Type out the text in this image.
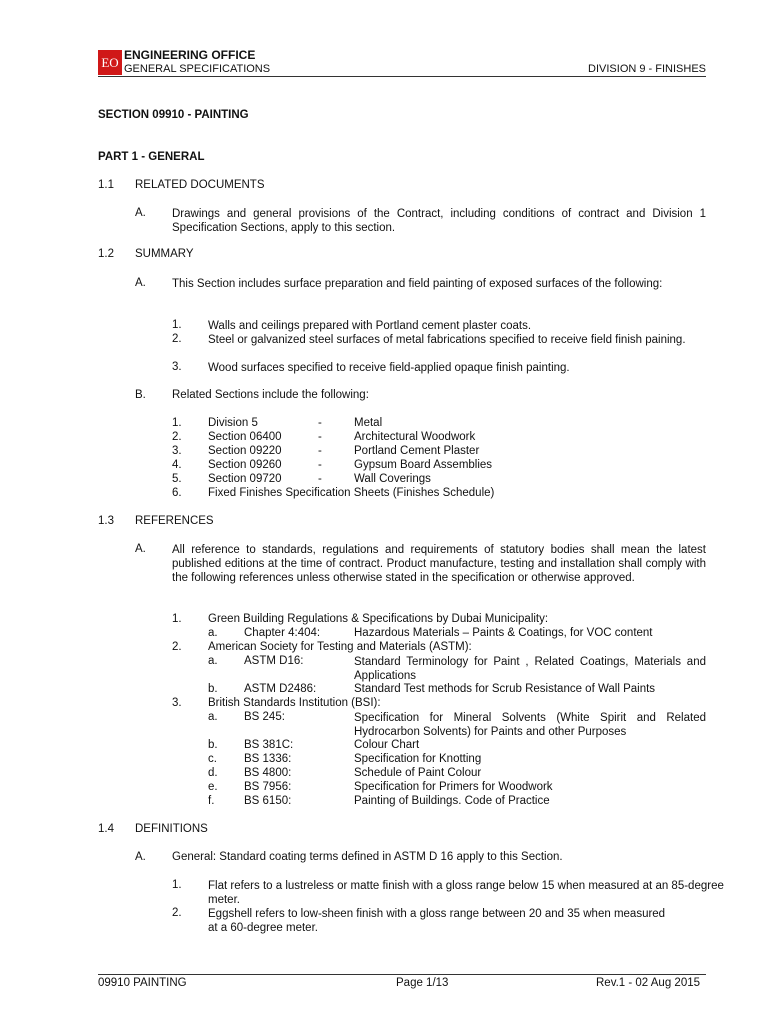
EO ENGINEERING OFFICE
GENERAL SPECIFICATIONS	DIVISION 9 - FINISHES
SECTION 09910 - PAINTING
PART 1 - GENERAL
1.1 RELATED DOCUMENTS
A. Drawings and general provisions of the Contract, including conditions of contract and Division 1 Specification Sections, apply to this section.
1.2 SUMMARY
A. This Section includes surface preparation and field painting of exposed surfaces of the following:
1. Walls and ceilings prepared with Portland cement plaster coats.
2. Steel or galvanized steel surfaces of metal fabrications specified to receive field finish paining.
3. Wood surfaces specified to receive field-applied opaque finish painting.
B. Related Sections include the following:
1. Division 5	-	Metal
2. Section 06400	-	Architectural Woodwork
3. Section 09220	-	Portland Cement Plaster
4. Section 09260	-	Gypsum Board Assemblies
5. Section 09720	-	Wall Coverings
6. Fixed Finishes Specification Sheets (Finishes Schedule)
1.3 REFERENCES
A. All reference to standards, regulations and requirements of statutory bodies shall mean the latest published editions at the time of contract. Product manufacture, testing and installation shall comply with the following references unless otherwise stated in the specification or otherwise approved.
1. Green Building Regulations & Specifications by Dubai Municipality:
a. Chapter 4:404:	Hazardous Materials – Paints & Coatings, for VOC content
2. American Society for Testing and Materials (ASTM):
a. ASTM D16:	Standard Terminology for Paint , Related Coatings, Materials and Applications
b. ASTM D2486:	Standard Test methods for Scrub Resistance of Wall Paints
3. British Standards Institution (BSI):
a. BS 245:	Specification for Mineral Solvents (White Spirit and Related Hydrocarbon Solvents) for Paints and other Purposes
b. BS 381C:	Colour Chart
c. BS 1336:	Specification for Knotting
d. BS 4800:	Schedule of Paint Colour
e. BS 7956:	Specification for Primers for Woodwork
f.	BS 6150:	Painting of Buildings. Code of Practice
1.4 DEFINITIONS
A. General: Standard coating terms defined in ASTM D 16 apply to this Section.
1. Flat refers to a lustreless or matte finish with a gloss range below 15 when measured at an 85-degree meter.
2. Eggshell refers to low-sheen finish with a gloss range between 20 and 35 when measured at a 60-degree meter.
09910 PAINTING	Page 1/13	Rev.1 - 02 Aug 2015
